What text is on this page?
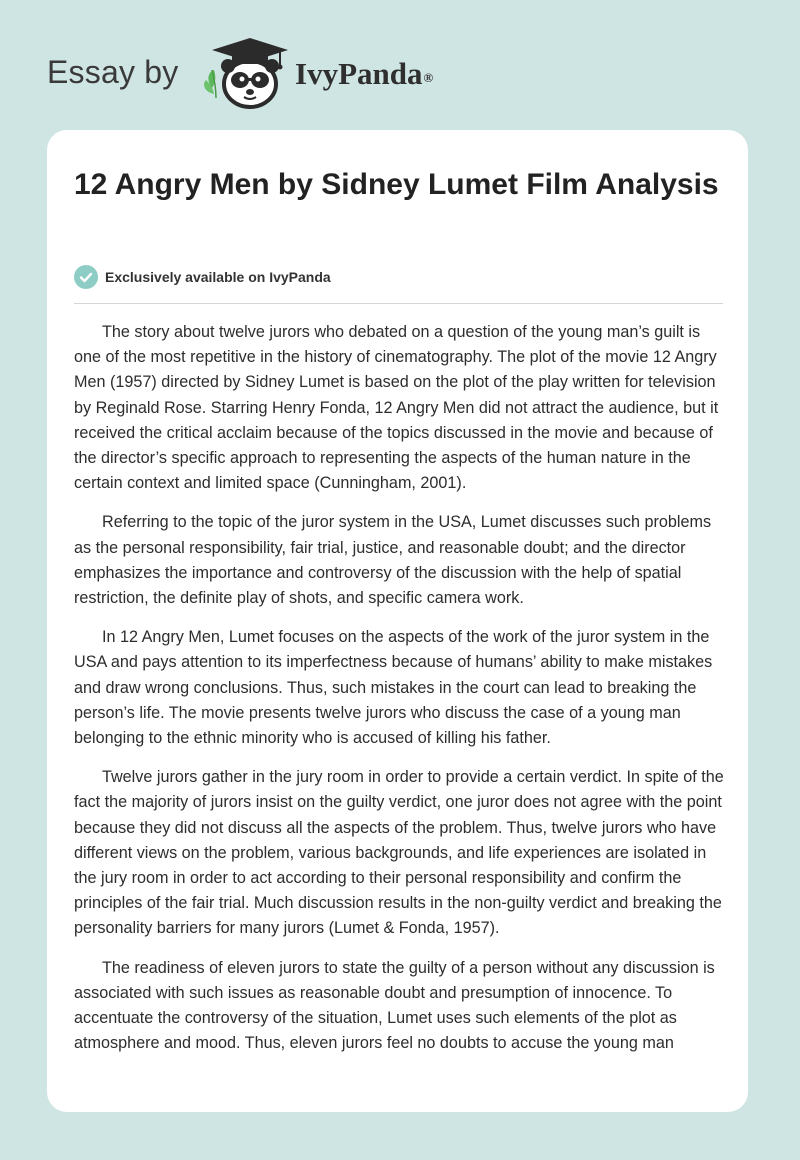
Essay by	IvyPanda®
12 Angry Men by Sidney Lumet Film Analysis
Exclusively available on IvyPanda

The story about twelve jurors who debated on a question of the young man’s guilt is one of the most repetitive in the history of cinematography. The plot of the movie 12 Angry Men (1957) directed by Sidney Lumet is based on the plot of the play written for television by Reginald Rose. Starring Henry Fonda, 12 Angry Men did not attract the audience, but it received the critical acclaim because of the topics discussed in the movie and because of the director’s specific approach to representing the aspects of the human nature in the certain context and limited space (Cunningham, 2001).

Referring to the topic of the juror system in the USA, Lumet discusses such problems as the personal responsibility, fair trial, justice, and reasonable doubt; and the director emphasizes the importance and controversy of the discussion with the help of spatial restriction, the definite play of shots, and specific camera work.

In 12 Angry Men, Lumet focuses on the aspects of the work of the juror system in the USA and pays attention to its imperfectness because of humans’ ability to make mistakes and draw wrong conclusions. Thus, such mistakes in the court can lead to breaking the person’s life. The movie presents twelve jurors who discuss the case of a young man belonging to the ethnic minority who is accused of killing his father.

Twelve jurors gather in the jury room in order to provide a certain verdict. In spite of the fact the majority of jurors insist on the guilty verdict, one juror does not agree with the point because they did not discuss all the aspects of the problem. Thus, twelve jurors who have different views on the problem, various backgrounds, and life experiences are isolated in the jury room in order to act according to their personal responsibility and confirm the principles of the fair trial. Much discussion results in the non-guilty verdict and breaking the personality barriers for many jurors (Lumet & Fonda, 1957).

The readiness of eleven jurors to state the guilty of a person without any discussion is associated with such issues as reasonable doubt and presumption of innocence. To accentuate the controversy of the situation, Lumet uses such elements of the plot as atmosphere and mood. Thus, eleven jurors feel no doubts to accuse the young man
